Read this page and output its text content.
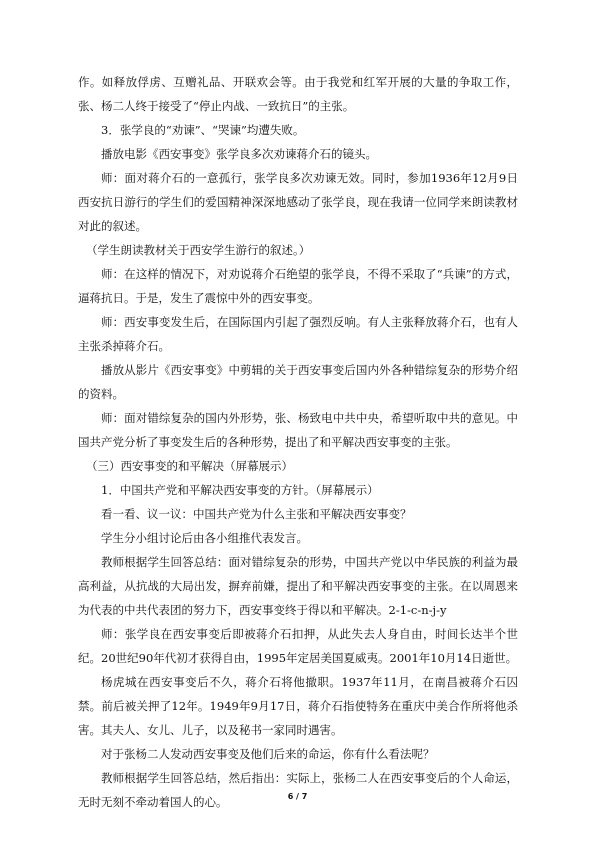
作。如释放俘虏、互赠礼品、开联欢会等。由于我党和红军开展的大量的争取工作，张、杨二人终于接受了“停止内战、一致抗日”的主张。

3．张学良的“劝谏”、“哭谏”均遭失败。

播放电影《西安事变》张学良多次劝谏蒋介石的镜头。

师：面对蒋介石的一意孤行，张学良多次劝谏无效。同时，参加1936年12月9日西安抗日游行的学生们的爱国精神深深地感动了张学良，现在我请一位同学来朗读教材对此的叙述。

（学生朗读教材关于西安学生游行的叙述。）

师：在这样的情况下，对劝说蒋介石绝望的张学良，不得不采取了“兵谏”的方式，逼蒋抗日。于是，发生了震惊中外的西安事变。

师：西安事变发生后，在国际国内引起了强烈反响。有人主张释放蒋介石，也有人主张杀掉蒋介石。

播放从影片《西安事变》中剪辑的关于西安事变后国内外各种错综复杂的形势介绍的资料。

师：面对错综复杂的国内外形势，张、杨致电中共中央，希望听取中共的意见。中国共产党分析了事变发生后的各种形势，提出了和平解决西安事变的主张。

（三）西安事变的和平解决（屏幕展示）

1．中国共产党和平解决西安事变的方针。（屏幕展示）

看一看、议一议：中国共产党为什么主张和平解决西安事变？

学生分小组讨论后由各小组推代表发言。

教师根据学生回答总结：面对错综复杂的形势，中国共产党以中华民族的利益为最高利益，从抗战的大局出发，摒弃前嫌，提出了和平解决西安事变的主张。在以周恩来为代表的中共代表团的努力下，西安事变终于得以和平解决。2-1-c-n-j-y

师：张学良在西安事变后即被蒋介石扣押，从此失去人身自由，时间长达半个世纪。20世纪90年代初才获得自由，1995年定居美国夏威夷。2001年10月14日逝世。

杨虎城在西安事变后不久，蒋介石将他撤职。1937年11月，在南昌被蒋介石囚禁。前后被关押了12年。1949年9月17日，蒋介石指使特务在重庆中美合作所将他杀害。其夫人、女儿、儿子，以及秘书一家同时遇害。

对于张杨二人发动西安事变及他们后来的命运，你有什么看法呢？

教师根据学生回答总结，然后指出：实际上，张杨二人在西安事变后的个人命运，无时无刻不牵动着国人的心。	6 / 7
